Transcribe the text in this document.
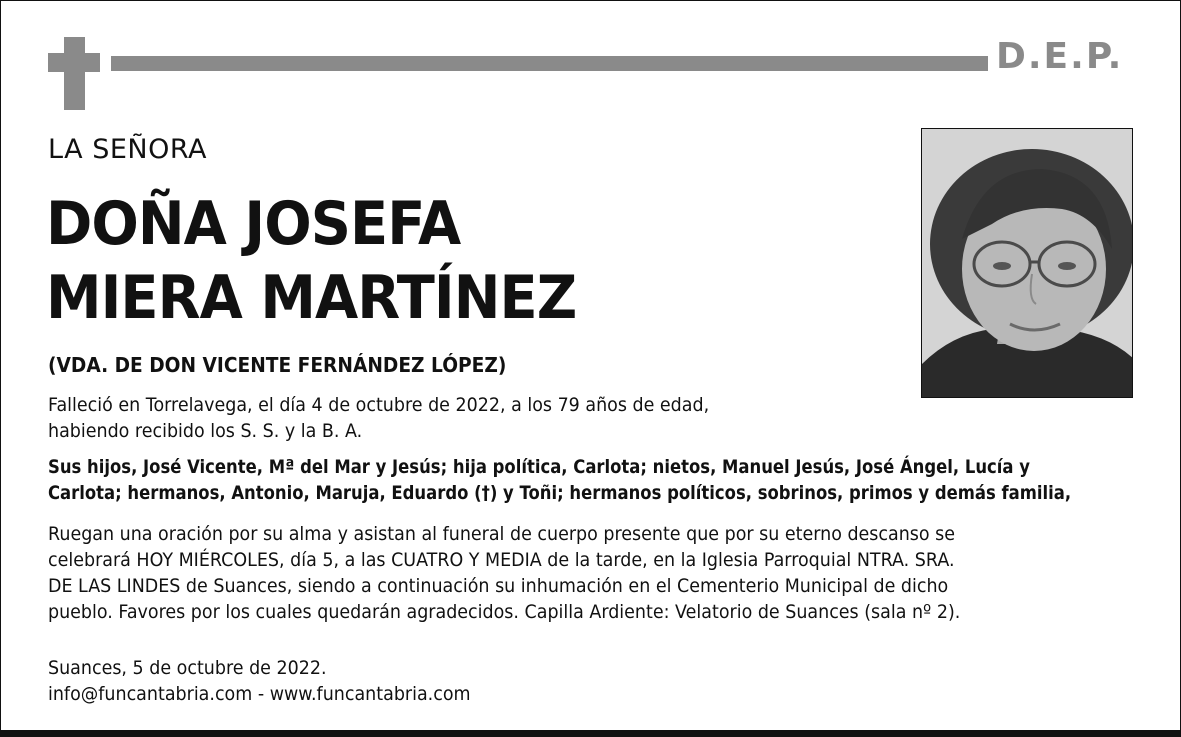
D.E.P.
LA SEÑORA
DOÑA JOSEFA
MIERA MARTÍNEZ
(VDA. DE DON VICENTE FERNÁNDEZ LÓPEZ)
Falleció en Torrelavega, el día 4 de octubre de 2022, a los 79 años de edad,
habiendo recibido los S. S. y la B. A.
Sus hijos, José Vicente, Mª del Mar y Jesús; hija política, Carlota; nietos, Manuel Jesús, José Ángel, Lucía y
Carlota; hermanos, Antonio, Maruja, Eduardo (†) y Toñi; hermanos políticos, sobrinos, primos y demás familia,
Ruegan una oración por su alma y asistan al funeral de cuerpo presente que por su eterno descanso se
celebrará HOY MIÉRCOLES, día 5, a las CUATRO Y MEDIA de la tarde, en la Iglesia Parroquial NTRA. SRA.
DE LAS LINDES de Suances, siendo a continuación su inhumación en el Cementerio Municipal de dicho
pueblo. Favores por los cuales quedarán agradecidos. Capilla Ardiente: Velatorio de Suances (sala nº 2).
Suances, 5 de octubre de 2022.
info@funcantabria.com - www.funcantabria.com
